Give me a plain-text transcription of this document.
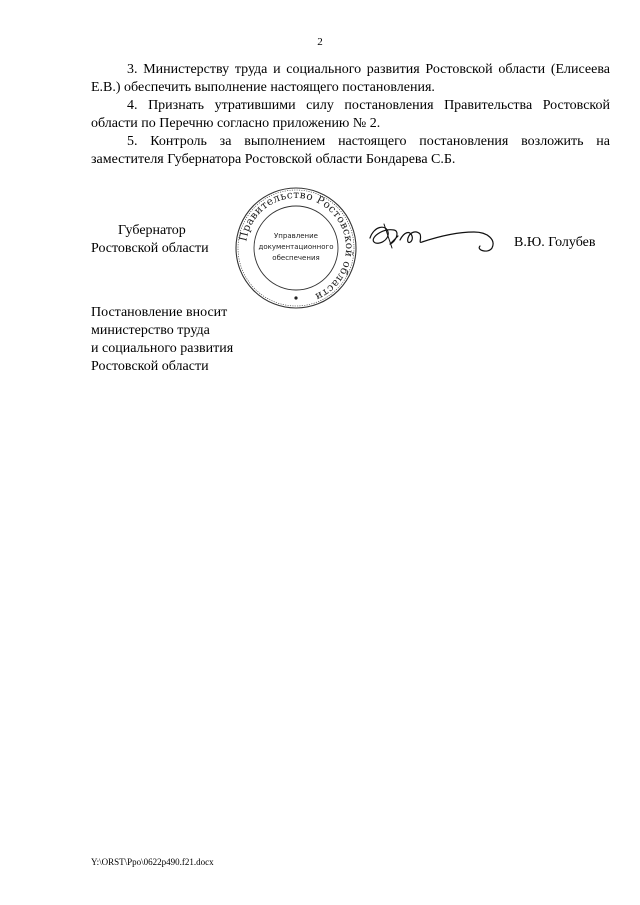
2

3. Министерству труда и социального развития Ростовской области (Елисеева Е.В.) обеспечить выполнение настоящего постановления.

4. Признать утратившими силу постановления Правительства Ростовской области по Перечню согласно приложению № 2.

5. Контроль за выполнением настоящего постановления возложить на заместителя Губернатора Ростовской области Бондарева С.Б.

Губернатор
Ростовской области
Правительство Ростовской области
Управление
документационного
обеспечения
В.Ю. Голубев
Постановление вносит
министерство труда
и социального развития
Ростовской области
Y:\ORST\Ppo\0622p490.f21.docx
